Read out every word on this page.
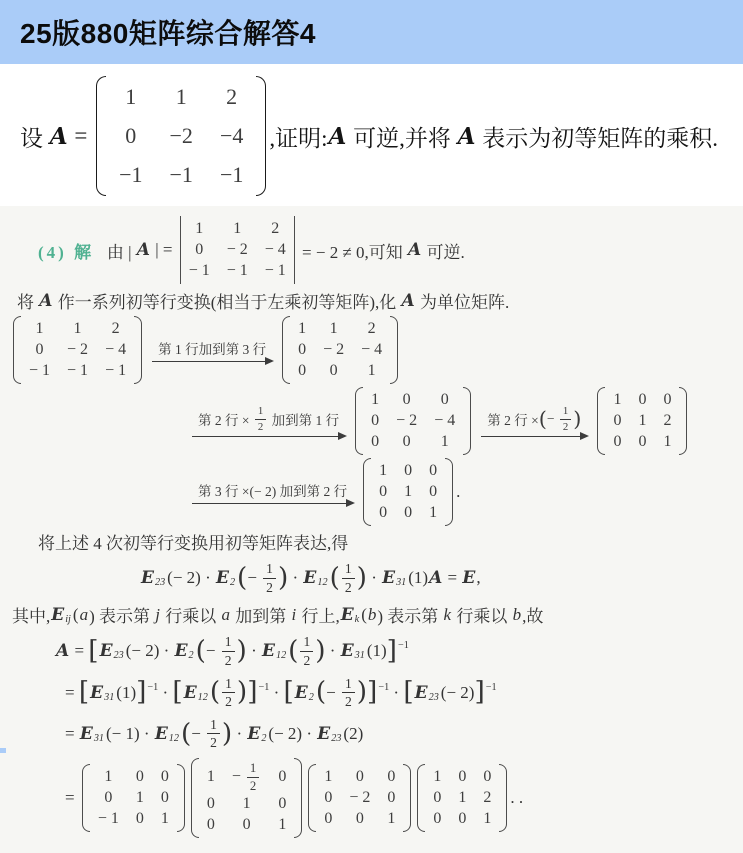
25版880矩阵综合解答4
设 A =
1 1 2
0 −2 −4
−1 −1 −1
,证明: A 可逆,并将 A 表示为初等矩阵的乘积.
(4) 解 由 | A | =
1 1 2
0 − 2 − 4
− 1 − 1 − 1
= − 2 ≠ 0,可知 A 可逆.
将 A 作一系列初等行变换(相当于左乘初等矩阵),化 A 为单位矩阵.
1 1 2
0 − 2 − 4
− 1 − 1 − 1
第 1 行加到第 3 行
1 1 2
0 − 2 − 4
0 0 1
第 2 行 × $\frac{1}{2}$ 加到第 1 行
1 0 0
0 − 2 − 4
0 0 1
第 2 行 × ( − $\frac{1}{2}$ )
1 0 0
0 1 2
0 0 1
第 3 行 ×(− 2) 加到第 2 行
1 0 0
0 1 0
0 0 1
.
将上述 4 次初等行变换用初等矩阵表达,得
E 23 (− 2) · E 2 ( − $\frac{1}{2}$ ) · E 12 ( $\frac{1}{2}$ ) · E 31 (1) A = E ,
其中, E ij ( a ) 表示第 j 行乘以 a 加到第 i 行上, E k ( b ) 表示第 k 行乘以 b ,故
A = [ E 23 (− 2) · E 2 ( − $\frac{1}{2}$ ) · E 12 ( $\frac{1}{2}$ ) · E 31 (1) ] −1
= [ E 31 (1) ] −1 · [ E 12 ( $\frac{1}{2}$ ) ] −1 · [ E 2 ( − $\frac{1}{2}$ ) ] −1 · [ E 23 (− 2) ] −1
= E 31 (− 1) · E 12 ( − $\frac{1}{2}$ ) · E 2 (− 2) · E 23 (2)
=
1 0 0
0 1 0
− 1 0 1
$1 - \frac{1}{2} 0$
0 1 0
0 0 1
1 0 0
0 − 2 0
0 0 1
1 0 0
0 1 2
0 0 1
. .
